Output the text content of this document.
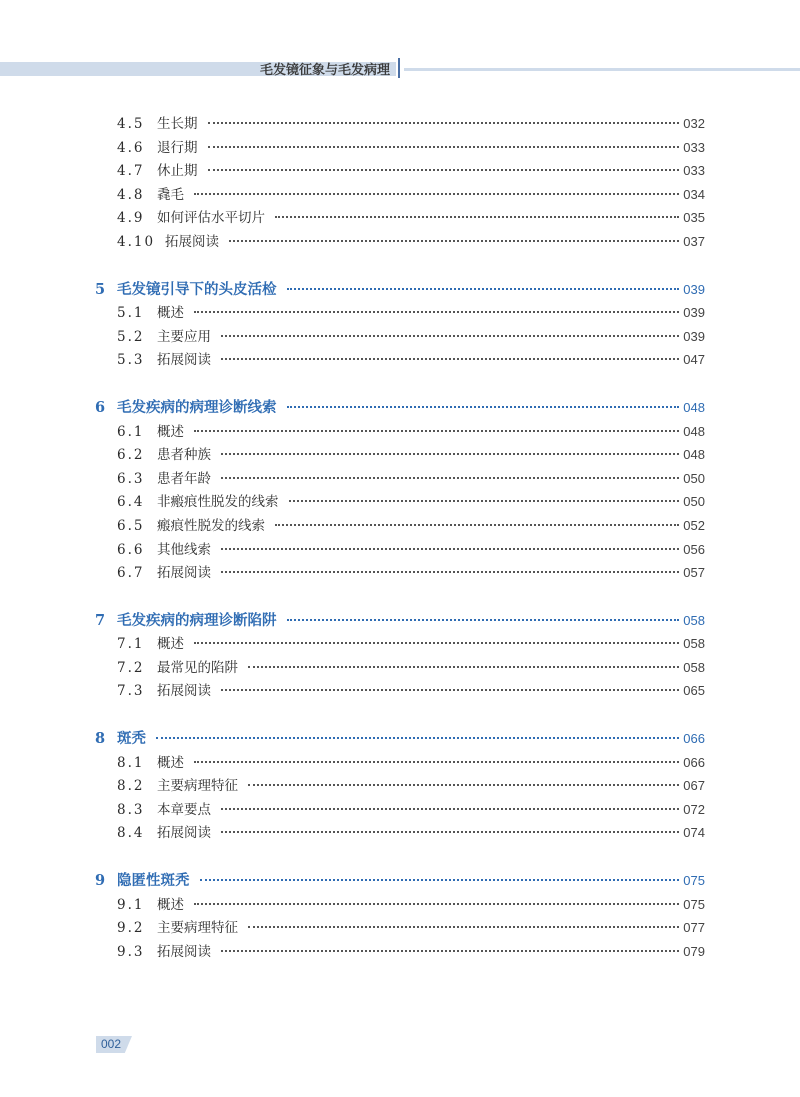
毛发镜征象与毛发病理
4.5 生长期	032
4.6 退行期	033
4.7 休止期	033
4.8 毳毛	034
4.9 如何评估水平切片	035
4.10 拓展阅读	037
5 毛发镜引导下的头皮活检	039
5.1 概述	039
5.2 主要应用	039
5.3 拓展阅读	047
6 毛发疾病的病理诊断线索	048
6.1 概述	048
6.2 患者种族	048
6.3 患者年龄	050
6.4 非瘢痕性脱发的线索	050
6.5 瘢痕性脱发的线索	052
6.6 其他线索	056
6.7 拓展阅读	057
7 毛发疾病的病理诊断陷阱	058
7.1 概述	058
7.2 最常见的陷阱	058
7.3 拓展阅读	065
8 斑秃	066
8.1 概述	066
8.2 主要病理特征	067
8.3 本章要点	072
8.4 拓展阅读	074
9 隐匿性斑秃	075
9.1 概述	075
9.2 主要病理特征	077
9.3 拓展阅读	079
002
